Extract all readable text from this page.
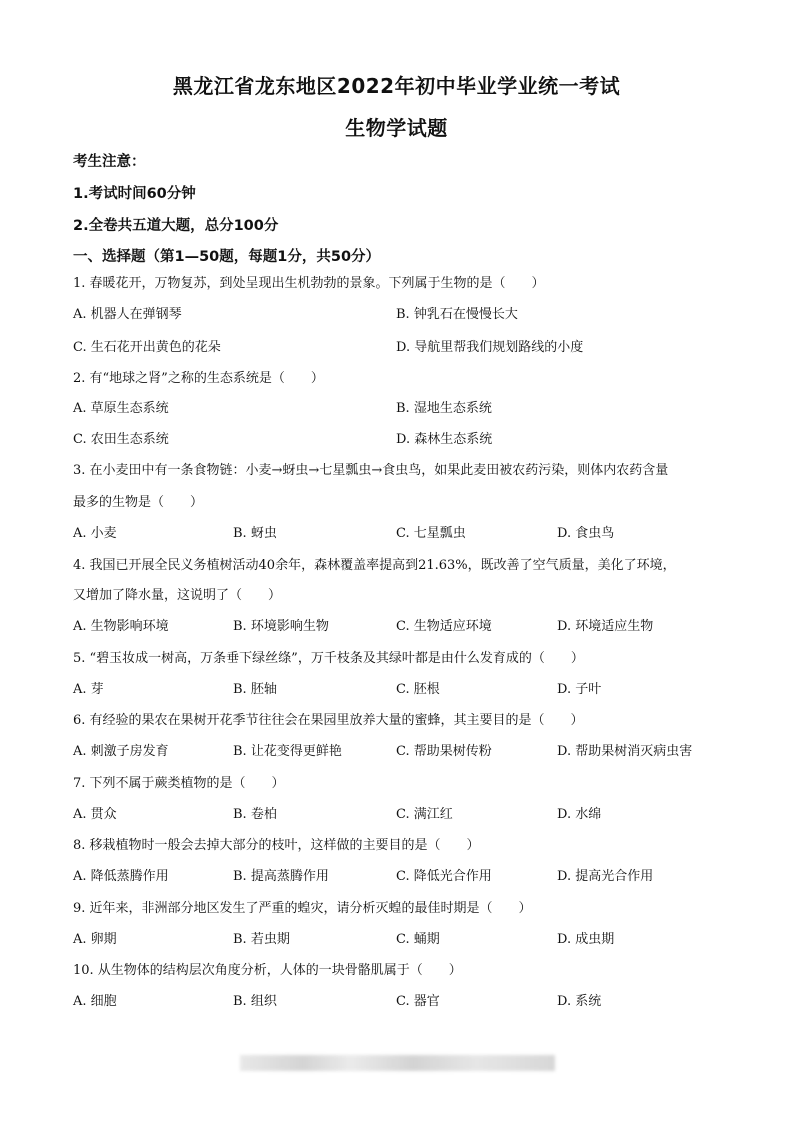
黑龙江省龙东地区2022年初中毕业学业统一考试
生物学试题
考生注意：
1.考试时间60分钟
2.全卷共五道大题，总分100分
一、选择题（第1—50题，每题1分，共50分）
1. 春暖花开，万物复苏，到处呈现出生机勃勃的景象。下列属于生物的是（　　）
A. 机器人在弹钢琴	B. 钟乳石在慢慢长大
C. 生石花开出黄色的花朵	D. 导航里帮我们规划路线的小度
2. 有“地球之肾”之称的生态系统是（　　）
A. 草原生态系统	B. 湿地生态系统
C. 农田生态系统	D. 森林生态系统
3. 在小麦田中有一条食物链：小麦→蚜虫→七星瓢虫→食虫鸟，如果此麦田被农药污染，则体内农药含量
最多的生物是（　　）
A. 小麦	B. 蚜虫	C. 七星瓢虫	D. 食虫鸟
4. 我国已开展全民义务植树活动40余年，森林覆盖率提高到21.63%，既改善了空气质量，美化了环境，
又增加了降水量，这说明了（　　）
A. 生物影响环境	B. 环境影响生物	C. 生物适应环境	D. 环境适应生物
5. “碧玉妆成一树高，万条垂下绿丝绦”，万千枝条及其绿叶都是由什么发育成的（　　）
A. 芽	B. 胚轴	C. 胚根	D. 子叶
6. 有经验的果农在果树开花季节往往会在果园里放养大量的蜜蜂，其主要目的是（　　）
A. 刺激子房发育	B. 让花变得更鲜艳	C. 帮助果树传粉	D. 帮助果树消灭病虫害
7. 下列不属于蕨类植物的是（　　）
A. 贯众	B. 卷柏	C. 满江红	D. 水绵
8. 移栽植物时一般会去掉大部分的枝叶，这样做的主要目的是（　　）
A. 降低蒸腾作用	B. 提高蒸腾作用	C. 降低光合作用	D. 提高光合作用
9. 近年来，非洲部分地区发生了严重的蝗灾，请分析灭蝗的最佳时期是（　　）
A. 卵期	B. 若虫期	C. 蛹期	D. 成虫期
10. 从生物体的结构层次角度分析，人体的一块骨骼肌属于（　　）
A. 细胞	B. 组织	C. 器官	D. 系统
